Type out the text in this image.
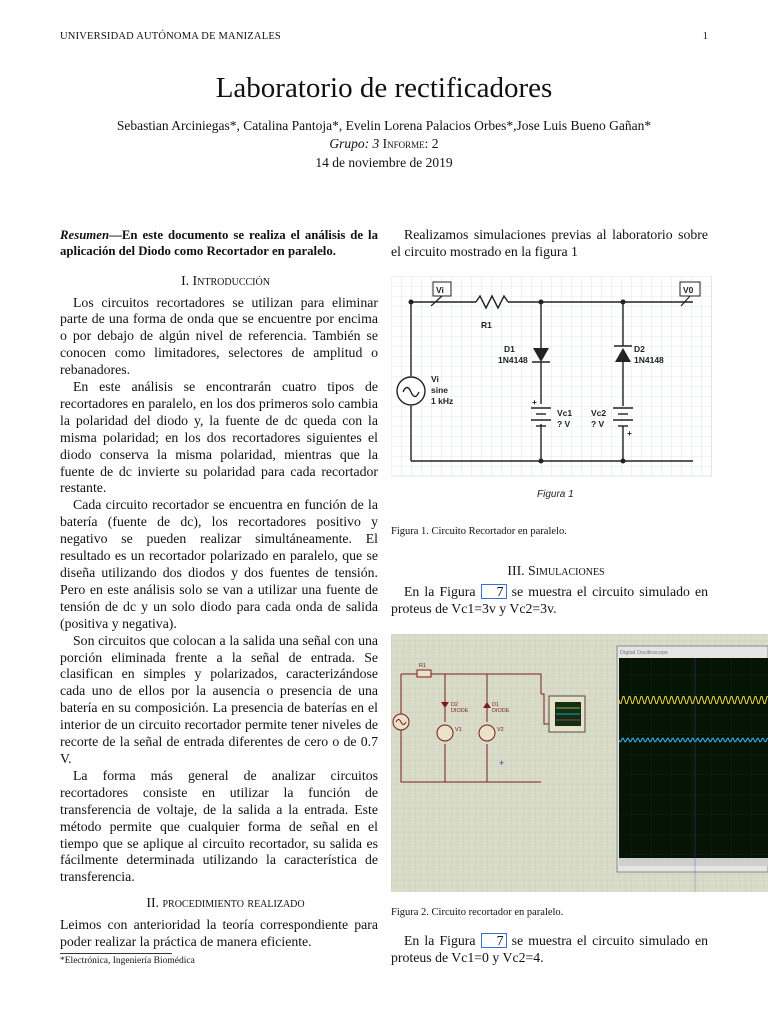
UNIVERSIDAD AUTÓNOMA DE MANIZALES	1
Laboratorio de rectificadores
Sebastian Arciniegas*, Catalina Pantoja*, Evelin Lorena Palacios Orbes*,Jose Luis Bueno Gañan*
Grupo: 3 Informe: 2
14 de noviembre de 2019
Resumen—En este documento se realiza el análisis de la aplicación del Diodo como Recortador en paralelo.

I. Introducción

Los circuitos recortadores se utilizan para eliminar parte de una forma de onda que se encuentre por encima o por debajo de algún nivel de referencia. También se conocen como limitadores, selectores de amplitud o rebanadores.

En este análisis se encontrarán cuatro tipos de recortadores en paralelo, en los dos primeros solo cambia la polaridad del diodo y, la fuente de dc queda con la misma polaridad; en los dos recortadores siguientes el diodo conserva la misma polaridad, mientras que la fuente de dc invierte su polaridad para cada recortador restante.

Cada circuito recortador se encuentra en función de la batería (fuente de dc), los recortadores positivo y negativo se pueden realizar simultáneamente. El resultado es un recortador polarizado en paralelo, que se diseña utilizando dos diodos y dos fuentes de tensión. Pero en este análisis solo se van a utilizar una fuente de tensión de dc y un solo diodo para cada onda de salida (positiva y negativa).

Son circuitos que colocan a la salida una señal con una porción eliminada frente a la señal de entrada. Se clasifican en simples y polarizados, caracterizándose cada uno de ellos por la ausencia o presencia de una batería en su composición. La presencia de baterías en el interior de un circuito recortador permite tener niveles de recorte de la señal de entrada diferentes de cero o de 0.7 V.

La forma más general de analizar circuitos recortadores consiste en utilizar la función de transferencia de voltaje, de la salida a la entrada. Este método permite que cualquier forma de señal en el tiempo que se aplique al circuito recortador, su salida es fácilmente determinada utilizando la característica de transferencia.

II. procedimiento realizado

Leimos con anterioridad la teoría correspondiente para poder realizar la práctica de manera eficiente.

*Electrónica, Ingeniería Biomédica

Realizamos simulaciones previas al laboratorio sobre el circuito mostrado en la figura 1

Vi	V0
R1
D1
1N4148
D2
1N4148
Vi
sine
1 kHz
Vc1
? V
Vc2
? V
+
+
Figura 1
Figura 1. Circuito Recortador en paralelo.

III. Simulaciones

En la Figura 7 se muestra el circuito simulado en proteus de Vc1=3v y Vc2=3v.

R1
D2
DIODE
D1
DIODE
V1	V2
+
Digital Oscilloscope
Figura 2. Circuito recortador en paralelo.

En la Figura 7 se muestra el circuito simulado en proteus de Vc1=0 y Vc2=4.
